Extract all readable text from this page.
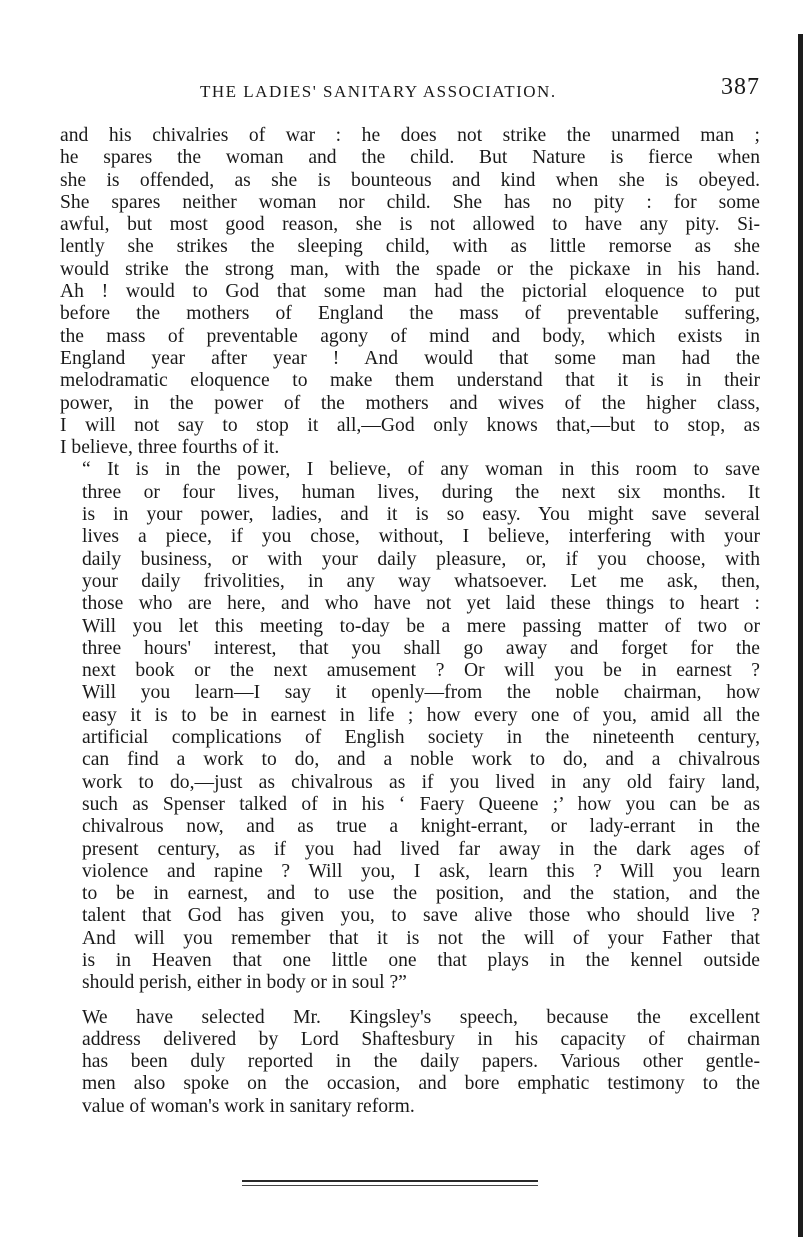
THE LADIES' SANITARY ASSOCIATION.	387
and his chivalries of war : he does not strike the unarmed man ;
he spares the woman and the child. But Nature is fierce when
she is offended, as she is bounteous and kind when she is obeyed.
She spares neither woman nor child. She has no pity : for some
awful, but most good reason, she is not allowed to have any pity. Si-
lently she strikes the sleeping child, with as little remorse as she
would strike the strong man, with the spade or the pickaxe in his hand.
Ah ! would to God that some man had the pictorial eloquence to put
before the mothers of England the mass of preventable suffering,
the mass of preventable agony of mind and body, which exists in
England year after year ! And would that some man had the
melodramatic eloquence to make them understand that it is in their
power, in the power of the mothers and wives of the higher class,
I will not say to stop it all,—God only knows that,—but to stop, as
I believe, three fourths of it.
“ It is in the power, I believe, of any woman in this room to save
three or four lives, human lives, during the next six months. It
is in your power, ladies, and it is so easy. You might save several
lives a piece, if you chose, without, I believe, interfering with your
daily business, or with your daily pleasure, or, if you choose, with
your daily frivolities, in any way whatsoever. Let me ask, then,
those who are here, and who have not yet laid these things to heart :
Will you let this meeting to-day be a mere passing matter of two or
three hours' interest, that you shall go away and forget for the
next book or the next amusement ? Or will you be in earnest ?
Will you learn—I say it openly—from the noble chairman, how
easy it is to be in earnest in life ; how every one of you, amid all the
artificial complications of English society in the nineteenth century,
can find a work to do, and a noble work to do, and a chivalrous
work to do,—just as chivalrous as if you lived in any old fairy land,
such as Spenser talked of in his ‘ Faery Queene ;’ how you can be as
chivalrous now, and as true a knight-errant, or lady-errant in the
present century, as if you had lived far away in the dark ages of
violence and rapine ? Will you, I ask, learn this ? Will you learn
to be in earnest, and to use the position, and the station, and the
talent that God has given you, to save alive those who should live ?
And will you remember that it is not the will of your Father that
is in Heaven that one little one that plays in the kennel outside
should perish, either in body or in soul ?”
We have selected Mr. Kingsley's speech, because the excellent
address delivered by Lord Shaftesbury in his capacity of chairman
has been duly reported in the daily papers. Various other gentle-
men also spoke on the occasion, and bore emphatic testimony to the
value of woman's work in sanitary reform.
